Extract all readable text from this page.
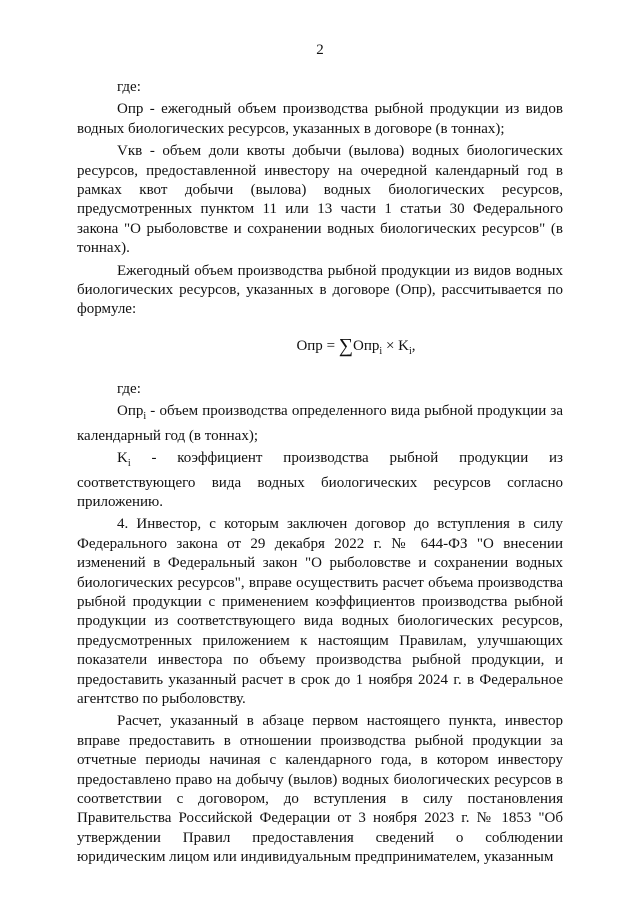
2

где:

Опр - ежегодный объем производства рыбной продукции из видов водных биологических ресурсов, указанных в договоре (в тоннах);

Vкв - объем доли квоты добычи (вылова) водных биологических ресурсов, предоставленной инвестору на очередной календарный год в рамках квот добычи (вылова) водных биологических ресурсов, предусмотренных пунктом 11 или 13 части 1 статьи 30 Федерального закона "О рыболовстве и сохранении водных биологических ресурсов" (в тоннах).

Ежегодный объем производства рыбной продукции из видов водных биологических ресурсов, указанных в договоре (Опр), рассчитывается по формуле:

Опр = $\sum Опр_i \times K_i$,

где:

Опр$_i$ - объем производства определенного вида рыбной продукции за календарный год (в тоннах);

$K_i$ - коэффициент производства рыбной продукции из соответствующего вида водных биологических ресурсов согласно приложению.

4. Инвестор, с которым заключен договор до вступления в силу Федерального закона от 29 декабря 2022 г. № 644-ФЗ "О внесении изменений в Федеральный закон "О рыболовстве и сохранении водных биологических ресурсов", вправе осуществить расчет объема производства рыбной продукции с применением коэффициентов производства рыбной продукции из соответствующего вида водных биологических ресурсов, предусмотренных приложением к настоящим Правилам, улучшающих показатели инвестора по объему производства рыбной продукции, и предоставить указанный расчет в срок до 1 ноября 2024 г. в Федеральное агентство по рыболовству.

Расчет, указанный в абзаце первом настоящего пункта, инвестор вправе предоставить в отношении производства рыбной продукции за отчетные периоды начиная с календарного года, в котором инвестору предоставлено право на добычу (вылов) водных биологических ресурсов в соответствии с договором, до вступления в силу постановления Правительства Российской Федерации от 3 ноября 2023 г. № 1853 "Об утверждении Правил предоставления сведений о соблюдении юридическим лицом или индивидуальным предпринимателем, указанным
